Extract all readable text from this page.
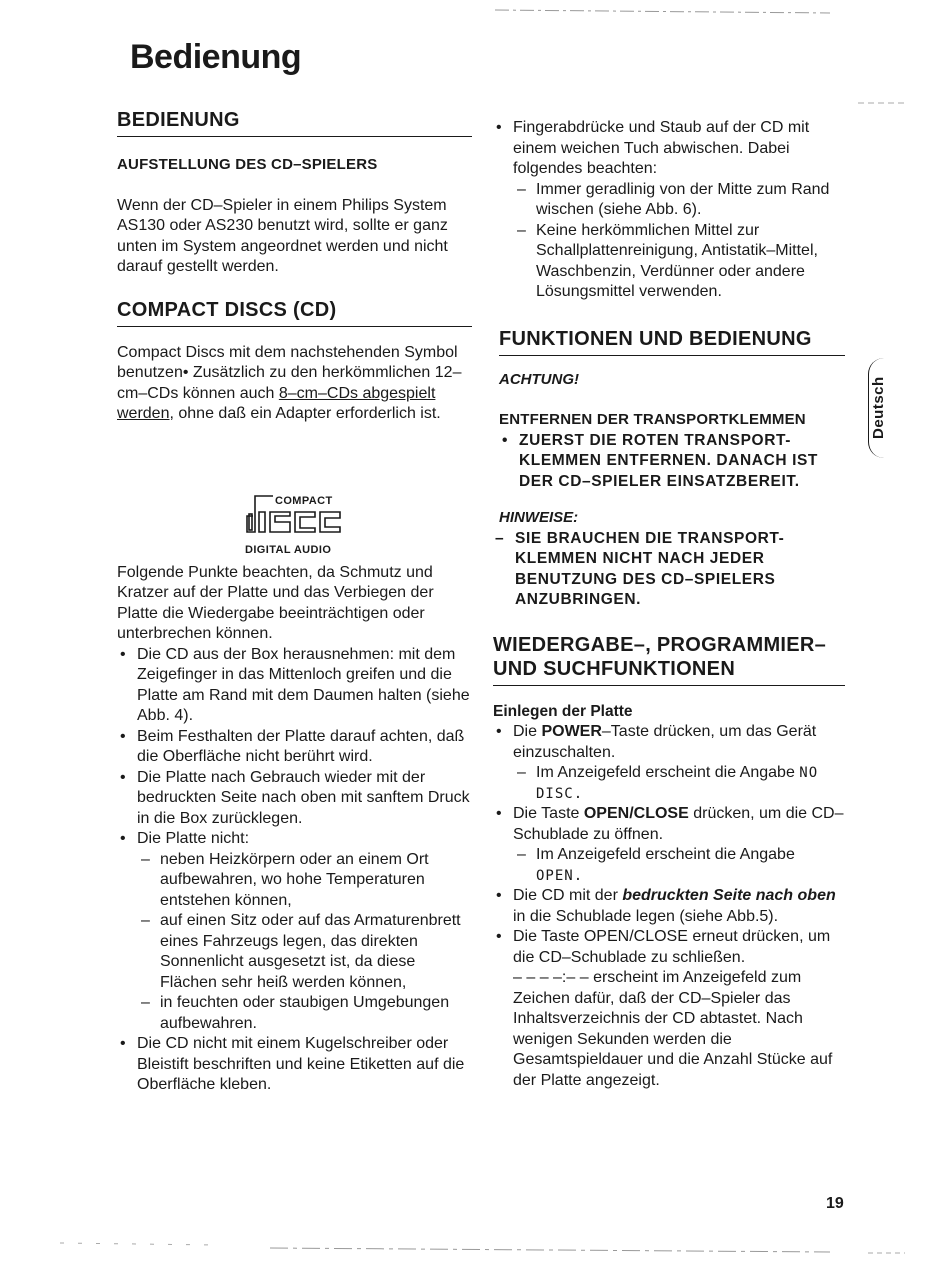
Bedienung
BEDIENUNG
AUFSTELLUNG DES CD–SPIELERS

Wenn der CD–Spieler in einem Philips System AS130 oder AS230 benutzt wird, sollte er ganz unten im System angeordnet werden und nicht darauf gestellt werden.

COMPACT DISCS (CD)

Compact Discs mit dem nachstehenden Symbol benutzen• Zusätzlich zu den herkömmlichen 12–cm–CDs können auch 8–cm–CDs abgespielt werden, ohne daß ein Adapter erforderlich ist.

Folgende Punkte beachten, da Schmutz und Kratzer auf der Platte und das Verbiegen der Platte die Wiedergabe beeinträchtigen oder unterbrechen können.

• Die CD aus der Box herausnehmen: mit dem Zeigefinger in das Mittenloch greifen und die Platte am Rand mit dem Daumen halten (siehe Abb. 4).
• Beim Festhalten der Platte darauf achten, daß die Oberfläche nicht berührt wird.
• Die Platte nach Gebrauch wieder mit der bedruckten Seite nach oben mit sanftem Druck in die Box zurücklegen.
• Die Platte nicht:
– neben Heizkörpern oder an einem Ort aufbewahren, wo hohe Temperaturen entstehen können,
– auf einen Sitz oder auf das Armaturenbrett eines Fahrzeugs legen, das direkten Sonnenlicht ausgesetzt ist, da diese Flächen sehr heiß werden können,
– in feuchten oder staubigen Umgebungen aufbewahren.
• Die CD nicht mit einem Kugelschreiber oder Bleistift beschriften und keine Etiketten auf die Oberfläche kleben.
disc
COMPACT
DIGITAL AUDIO
• Fingerabdrücke und Staub auf der CD mit einem weichen Tuch abwischen. Dabei folgendes beachten:
– Immer geradlinig von der Mitte zum Rand wischen (siehe Abb. 6).
– Keine herkömmlichen Mittel zur Schallplattenreinigung, Antistatik–Mittel, Waschbenzin, Verdünner oder andere Lösungsmittel verwenden.
FUNKTIONEN UND BEDIENUNG
ACHTUNG!
ENTFERNEN DER TRANSPORTKLEMMEN
• ZUERST DIE ROTEN TRANSPORT-KLEMMEN ENTFERNEN. DANACH IST DER CD–SPIELER EINSATZBEREIT.
HINWEISE:
– SIE BRAUCHEN DIE TRANSPORT-KLEMMEN NICHT NACH JEDER BENUTZUNG DES CD–SPIELERS ANZUBRINGEN.
WIEDERGABE–, PROGRAMMIER– UND SUCHFUNKTIONEN
Einlegen der Platte
• Die POWER–Taste drücken, um das Gerät einzuschalten.
– Im Anzeigefeld erscheint die Angabe NO DISC.
• Die Taste OPEN/CLOSE drücken, um die CD–Schublade zu öffnen.
– Im Anzeigefeld erscheint die Angabe OPEN.
• Die CD mit der bedruckten Seite nach oben in die Schublade legen (siehe Abb.5).
• Die Taste OPEN/CLOSE erneut drücken, um die CD–Schublade zu schließen.
– – – –:– – erscheint im Anzeigefeld zum Zeichen dafür, daß der CD–Spieler das Inhaltsverzeichnis der CD abtastet. Nach wenigen Sekunden werden die Gesamtspieldauer und die Anzahl Stücke auf der Platte angezeigt.
Deutsch
19
